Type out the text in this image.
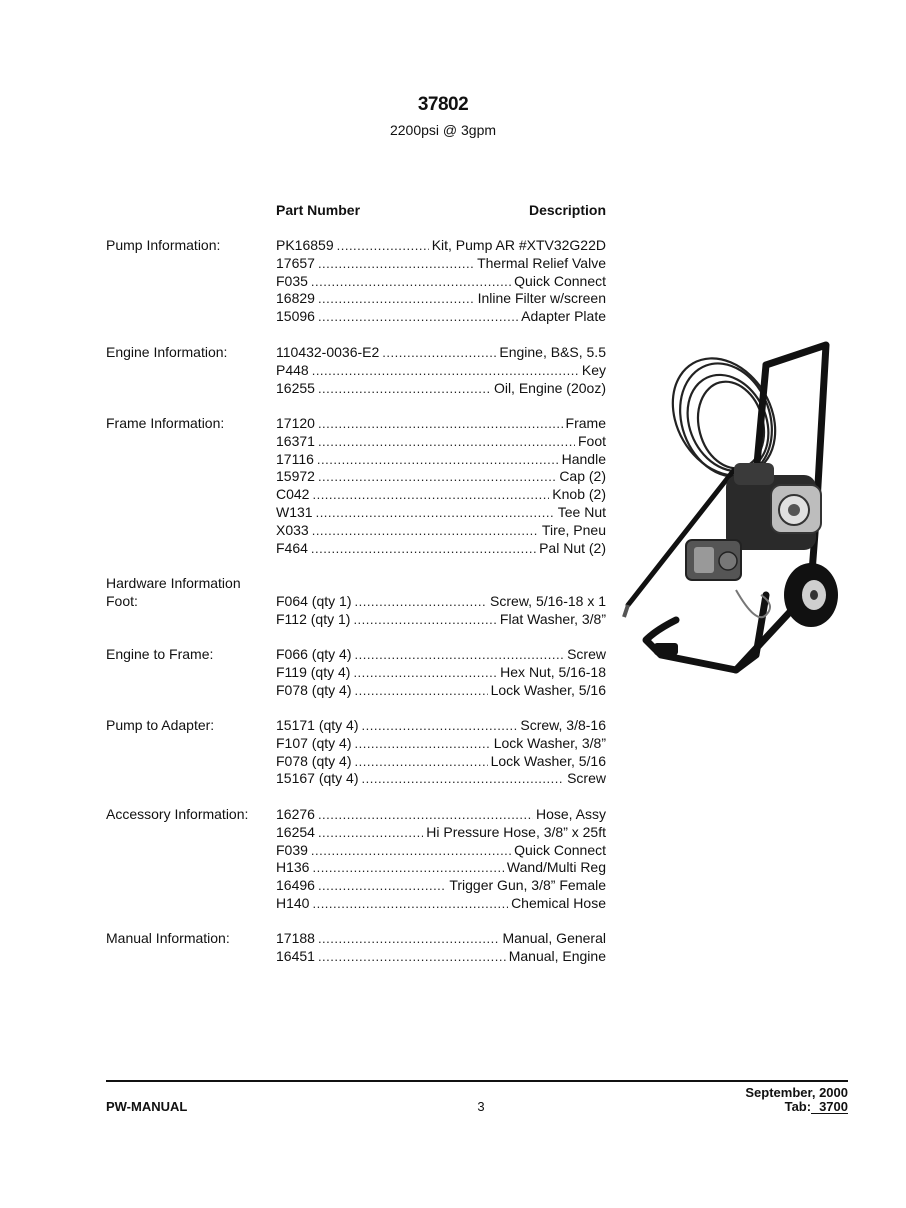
37802
2200psi @ 3gpm
Part Number	Description
Pump Information:	PK16859 .....	Kit, Pump AR #XTV32G22D
17657 .....	Thermal Relief Valve
F035 .....	Quick Connect
16829 .....	Inline Filter w/screen
15096 .....	Adapter Plate
Engine Information:	110432-0036-E2 .....	Engine, B&S, 5.5
P448 .....	Key
16255 .....	Oil, Engine (20oz)
Frame Information:	17120 .....	Frame
16371 .....	Foot
17116 .....	Handle
15972 .....	Cap (2)
C042 .....	Knob (2)
W131 .....	Tee Nut
X033 .....	Tire, Pneu
F464 .....	Pal Nut (2)
Hardware Information
Foot:	F064 (qty 1) .....	Screw, 5/16-18 x 1
F112 (qty 1) .....	Flat Washer, 3/8”
Engine to Frame:	F066 (qty 4) .....	Screw
F119 (qty 4) .....	Hex Nut, 5/16-18
F078 (qty 4) .....	Lock Washer, 5/16
Pump to Adapter:	15171 (qty 4) .....	Screw, 3/8-16
F107 (qty 4) .....	Lock Washer, 3/8”
F078 (qty 4) .....	Lock Washer, 5/16
15167 (qty 4) .....	Screw
Accessory Information:	16276 .....	Hose, Assy
16254 .....	Hi Pressure Hose, 3/8” x 25ft
F039 .....	Quick Connect
H136 .....	Wand/Multi Reg
16496 .....	Trigger Gun, 3/8” Female
H140 .....	Chemical Hose
Manual Information:	17188 .....	Manual, General
16451 .....	Manual, Engine
PW-MANUAL	3
September, 2000
Tab: 3700
